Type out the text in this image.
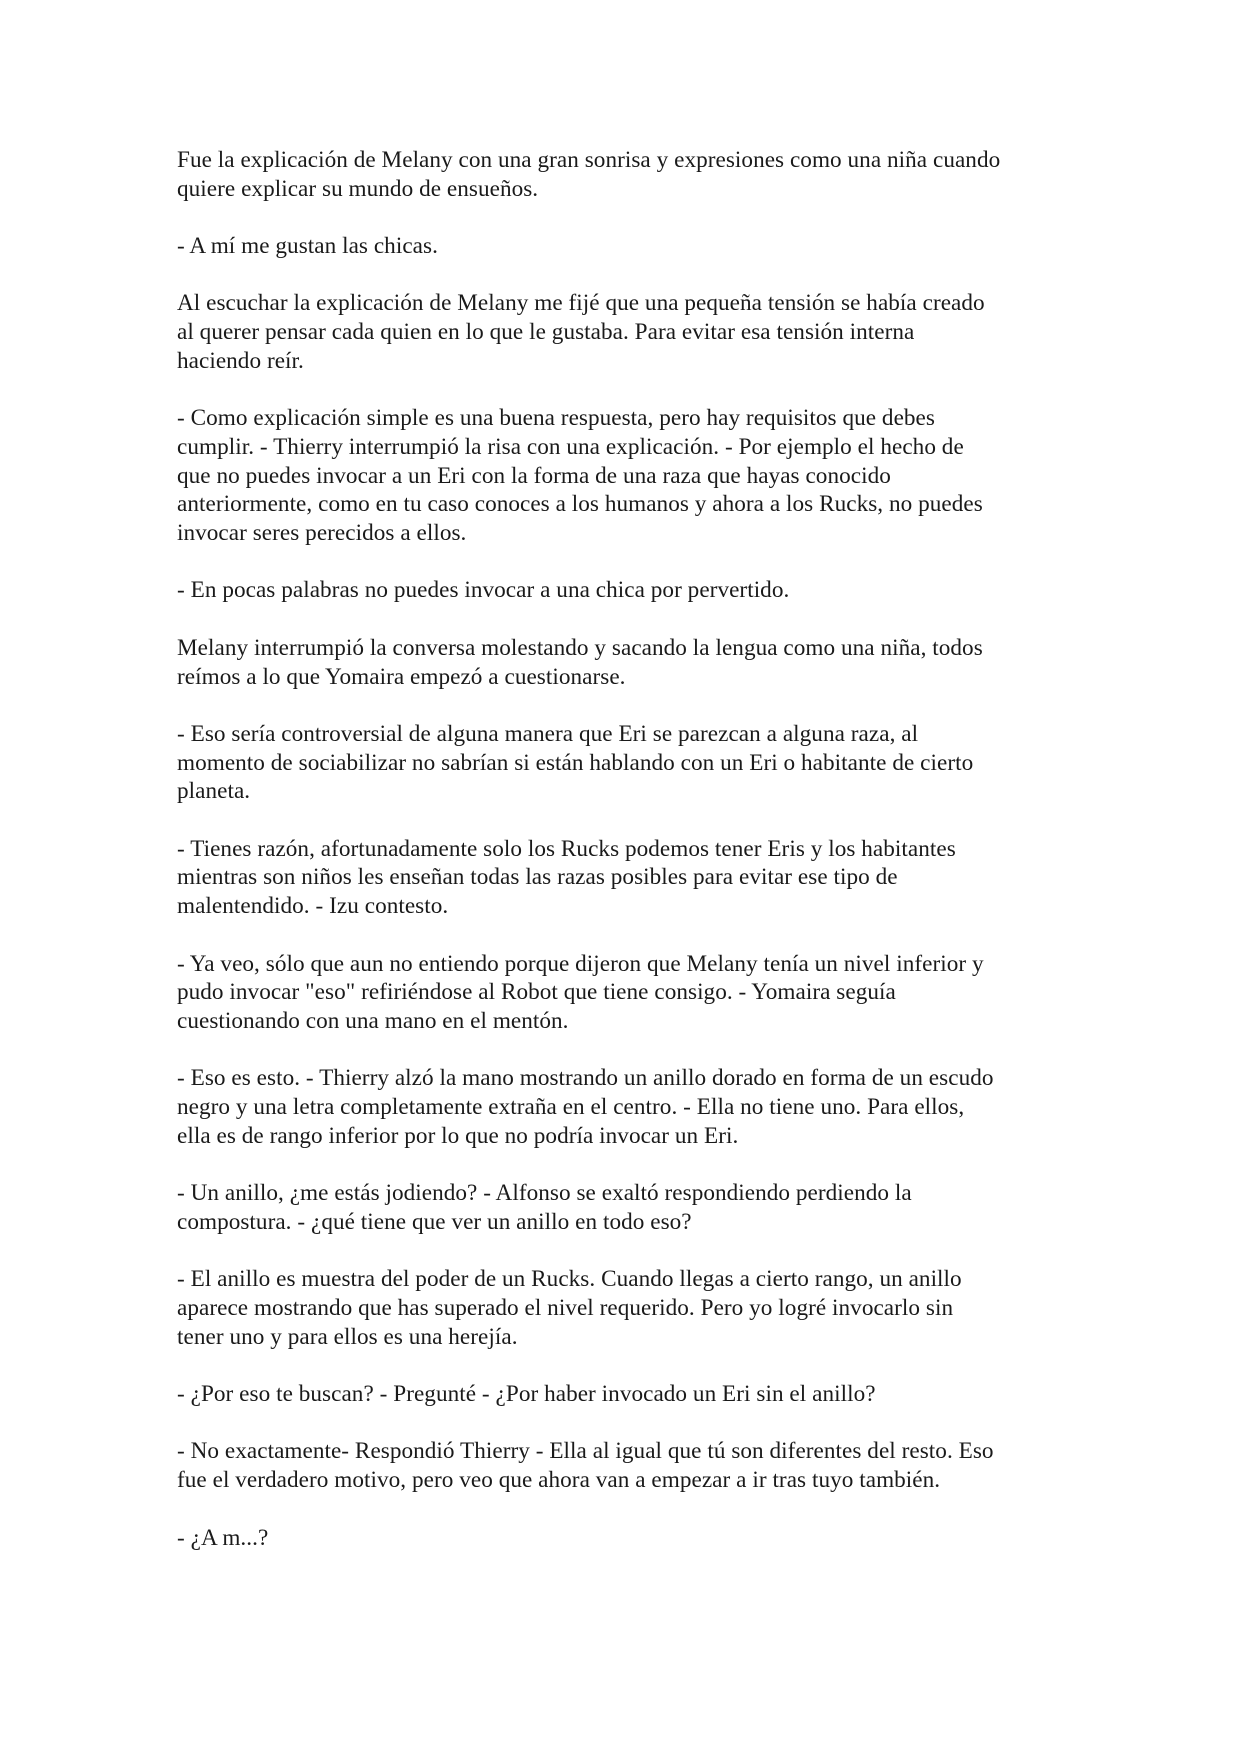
Fue la explicación de Melany con una gran sonrisa y expresiones como una niña cuando
quiere explicar su mundo de ensueños.

- A mí me gustan las chicas.

Al escuchar la explicación de Melany me fijé que una pequeña tensión se había creado
al querer pensar cada quien en lo que le gustaba. Para evitar esa tensión interna
haciendo reír.

- Como explicación simple es una buena respuesta, pero hay requisitos que debes
cumplir. - Thierry interrumpió la risa con una explicación. - Por ejemplo el hecho de
que no puedes invocar a un Eri con la forma de una raza que hayas conocido
anteriormente, como en tu caso conoces a los humanos y ahora a los Rucks, no puedes
invocar seres perecidos a ellos.

- En pocas palabras no puedes invocar a una chica por pervertido.

Melany interrumpió la conversa molestando y sacando la lengua como una niña, todos
reímos a lo que Yomaira empezó a cuestionarse.

- Eso sería controversial de alguna manera que Eri se parezcan a alguna raza, al
momento de sociabilizar no sabrían si están hablando con un Eri o habitante de cierto
planeta.

- Tienes razón, afortunadamente solo los Rucks podemos tener Eris y los habitantes
mientras son niños les enseñan todas las razas posibles para evitar ese tipo de
malentendido. - Izu contesto.

- Ya veo, sólo que aun no entiendo porque dijeron que Melany tenía un nivel inferior y
pudo invocar "eso" refiriéndose al Robot que tiene consigo. - Yomaira seguía
cuestionando con una mano en el mentón.

- Eso es esto. - Thierry alzó la mano mostrando un anillo dorado en forma de un escudo
negro y una letra completamente extraña en el centro. - Ella no tiene uno. Para ellos,
ella es de rango inferior por lo que no podría invocar un Eri.

- Un anillo, ¿me estás jodiendo? - Alfonso se exaltó respondiendo perdiendo la
compostura. - ¿qué tiene que ver un anillo en todo eso?

- El anillo es muestra del poder de un Rucks. Cuando llegas a cierto rango, un anillo
aparece mostrando que has superado el nivel requerido. Pero yo logré invocarlo sin
tener uno y para ellos es una herejía.

- ¿Por eso te buscan? - Pregunté - ¿Por haber invocado un Eri sin el anillo?

- No exactamente- Respondió Thierry - Ella al igual que tú son diferentes del resto. Eso
fue el verdadero motivo, pero veo que ahora van a empezar a ir tras tuyo también.

- ¿A m...?
